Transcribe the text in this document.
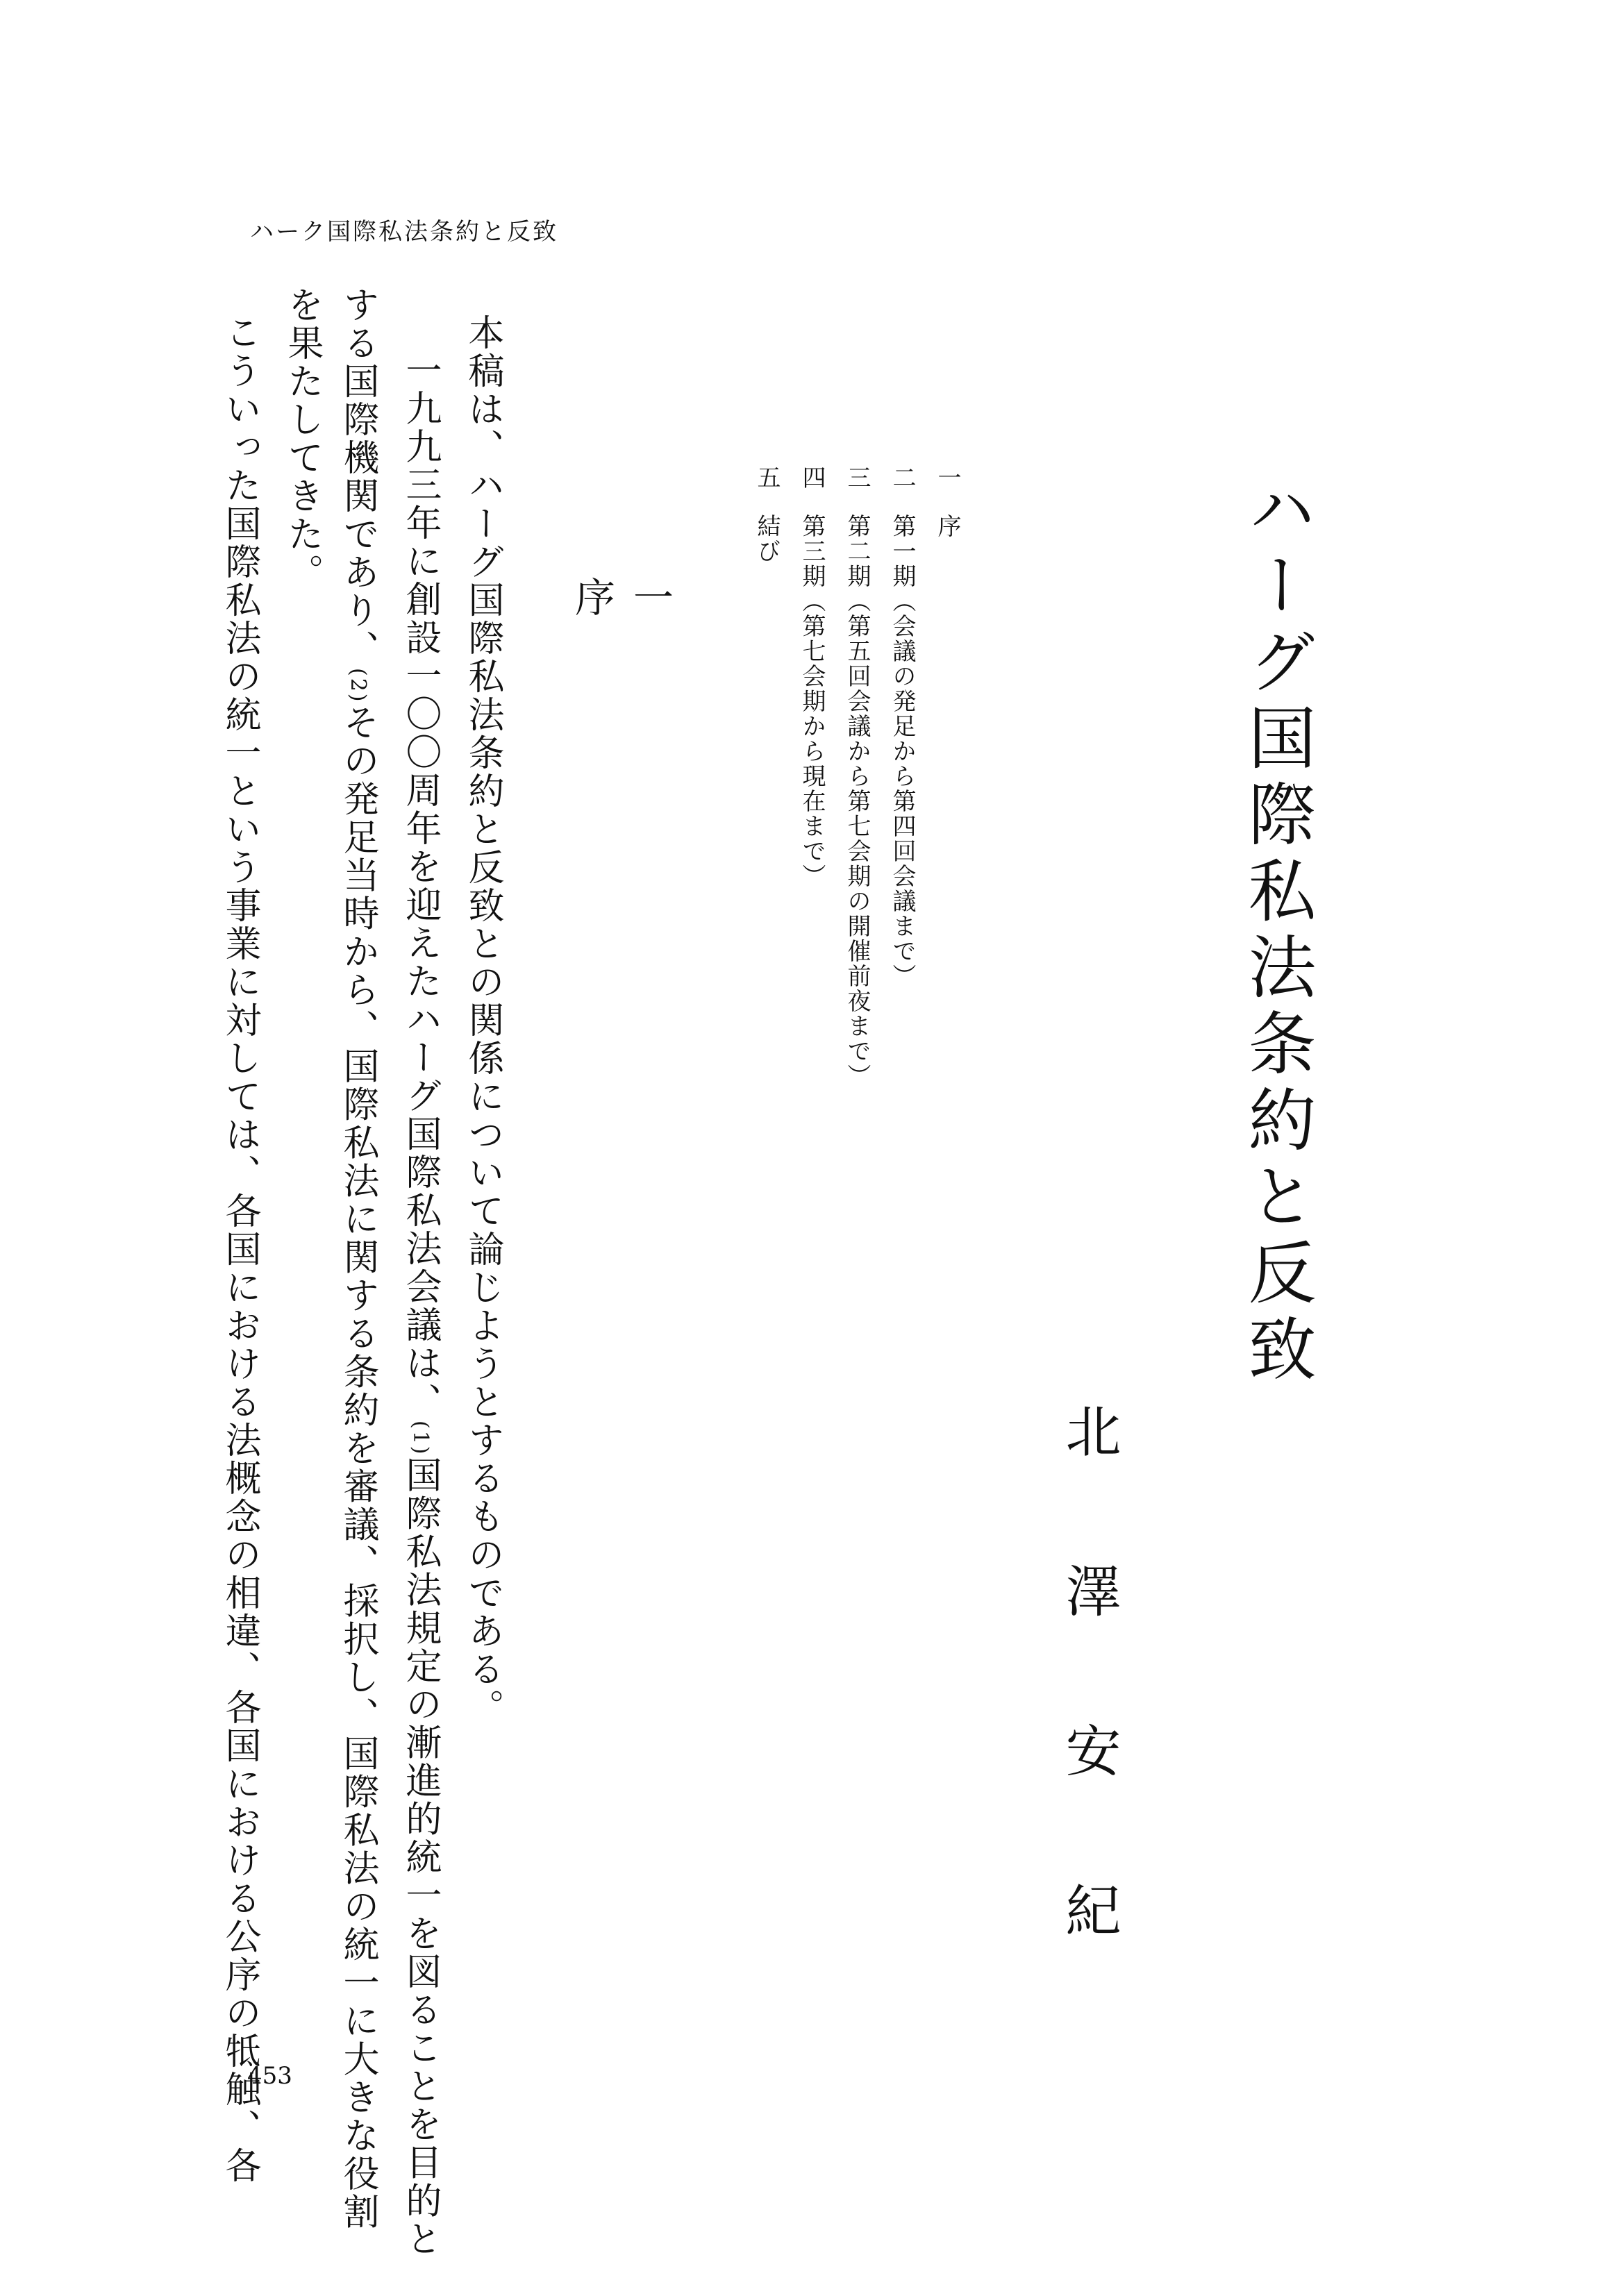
ハーク国際私法条約と反致
ハーグ国際私法条約と反致
北澤安紀
一
序
二
第一期（会議の発足から第四回会議まで）
三
第二期（第五回会議から第七会期の開催前夜まで）
四
第三期（第七会期から現在まで）
五
結び
一
序
本稿は、ハーグ国際私法条約と反致との関係について論じようとするものである。
一九九三年に創設一〇〇周年を迎えたハーグ国際私法会議は、(1)国際私法規定の漸進的統一を図ることを目的と
する国際機関であり、(2)その発足当時から、国際私法に関する条約を審議、採択し、国際私法の統一に大きな役割
を果たしてきた。
こういった国際私法の統一という事業に対しては、各国における法概念の相違、各国における公序の牴触、各
453
